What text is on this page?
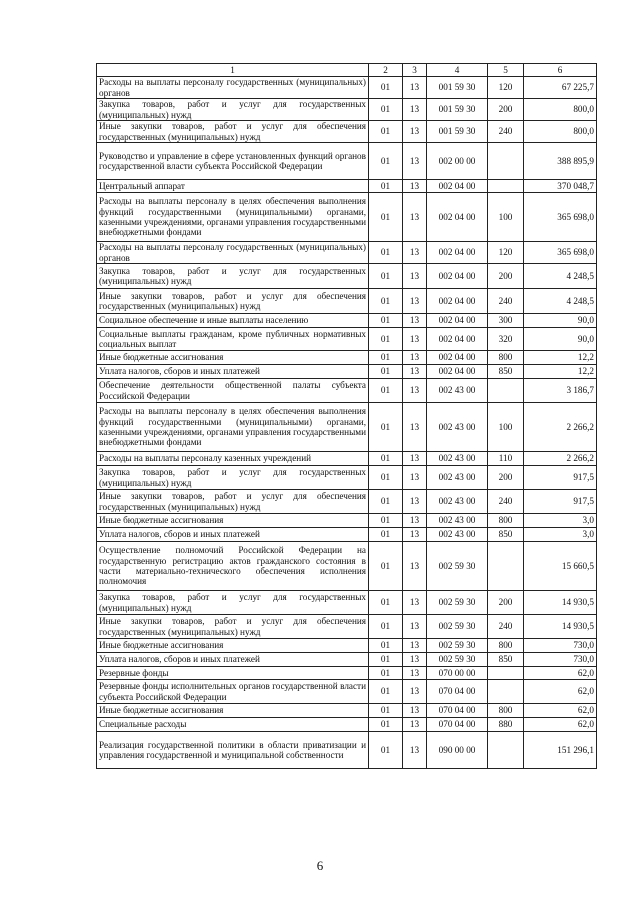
1	2	3	4	5	6
Расходы на выплаты персоналу государственных (муниципальных) органов	01	13	001 59 30	120	67 225,7
Закупка товаров, работ и услуг для государственных (муниципальных) нужд	01	13	001 59 30	200	800,0
Иные закупки товаров, работ и услуг для обеспечения государственных (муниципальных) нужд	01	13	001 59 30	240	800,0
Руководство и управление в сфере установленных функций органов государственной власти субъекта Российской Федерации	01	13	002 00 00		388 895,9
Центральный аппарат	01	13	002 04 00		370 048,7
Расходы на выплаты персоналу в целях обеспечения выполнения функций государственными (муниципальными) органами, казенными учреждениями, органами управления государственными внебюджетными фондами	01	13	002 04 00	100	365 698,0
Расходы на выплаты персоналу государственных (муниципальных) органов	01	13	002 04 00	120	365 698,0
Закупка товаров, работ и услуг для государственных (муниципальных) нужд	01	13	002 04 00	200	4 248,5
Иные закупки товаров, работ и услуг для обеспечения государственных (муниципальных) нужд	01	13	002 04 00	240	4 248,5
Социальное обеспечение и иные выплаты населению	01	13	002 04 00	300	90,0
Социальные выплаты гражданам, кроме публичных нормативных социальных выплат	01	13	002 04 00	320	90,0
Иные бюджетные ассигнования	01	13	002 04 00	800	12,2
Уплата налогов, сборов и иных платежей	01	13	002 04 00	850	12,2
Обеспечение деятельности общественной палаты субъекта Российской Федерации	01	13	002 43 00		3 186,7
Расходы на выплаты персоналу в целях обеспечения выполнения функций государственными (муниципальными) органами, казенными учреждениями, органами управления государственными внебюджетными фондами	01	13	002 43 00	100	2 266,2
Расходы на выплаты персоналу казенных учреждений	01	13	002 43 00	110	2 266,2
Закупка товаров, работ и услуг для государственных (муниципальных) нужд	01	13	002 43 00	200	917,5
Иные закупки товаров, работ и услуг для обеспечения государственных (муниципальных) нужд	01	13	002 43 00	240	917,5
Иные бюджетные ассигнования	01	13	002 43 00	800	3,0
Уплата налогов, сборов и иных платежей	01	13	002 43 00	850	3,0
Осуществление полномочий Российской Федерации на государственную регистрацию актов гражданского состояния в части материально-технического обеспечения исполнения полномочия	01	13	002 59 30		15 660,5
Закупка товаров, работ и услуг для государственных (муниципальных) нужд	01	13	002 59 30	200	14 930,5
Иные закупки товаров, работ и услуг для обеспечения государственных (муниципальных) нужд	01	13	002 59 30	240	14 930,5
Иные бюджетные ассигнования	01	13	002 59 30	800	730,0
Уплата налогов, сборов и иных платежей	01	13	002 59 30	850	730,0
Резервные фонды	01	13	070 00 00		62,0
Резервные фонды исполнительных органов государственной власти субъекта Российской Федерации	01	13	070 04 00		62,0
Иные бюджетные ассигнования	01	13	070 04 00	800	62,0
Специальные расходы	01	13	070 04 00	880	62,0
Реализация государственной политики в области приватизации и управления государственной и муниципальной собственности	01	13	090 00 00		151 296,1
6
